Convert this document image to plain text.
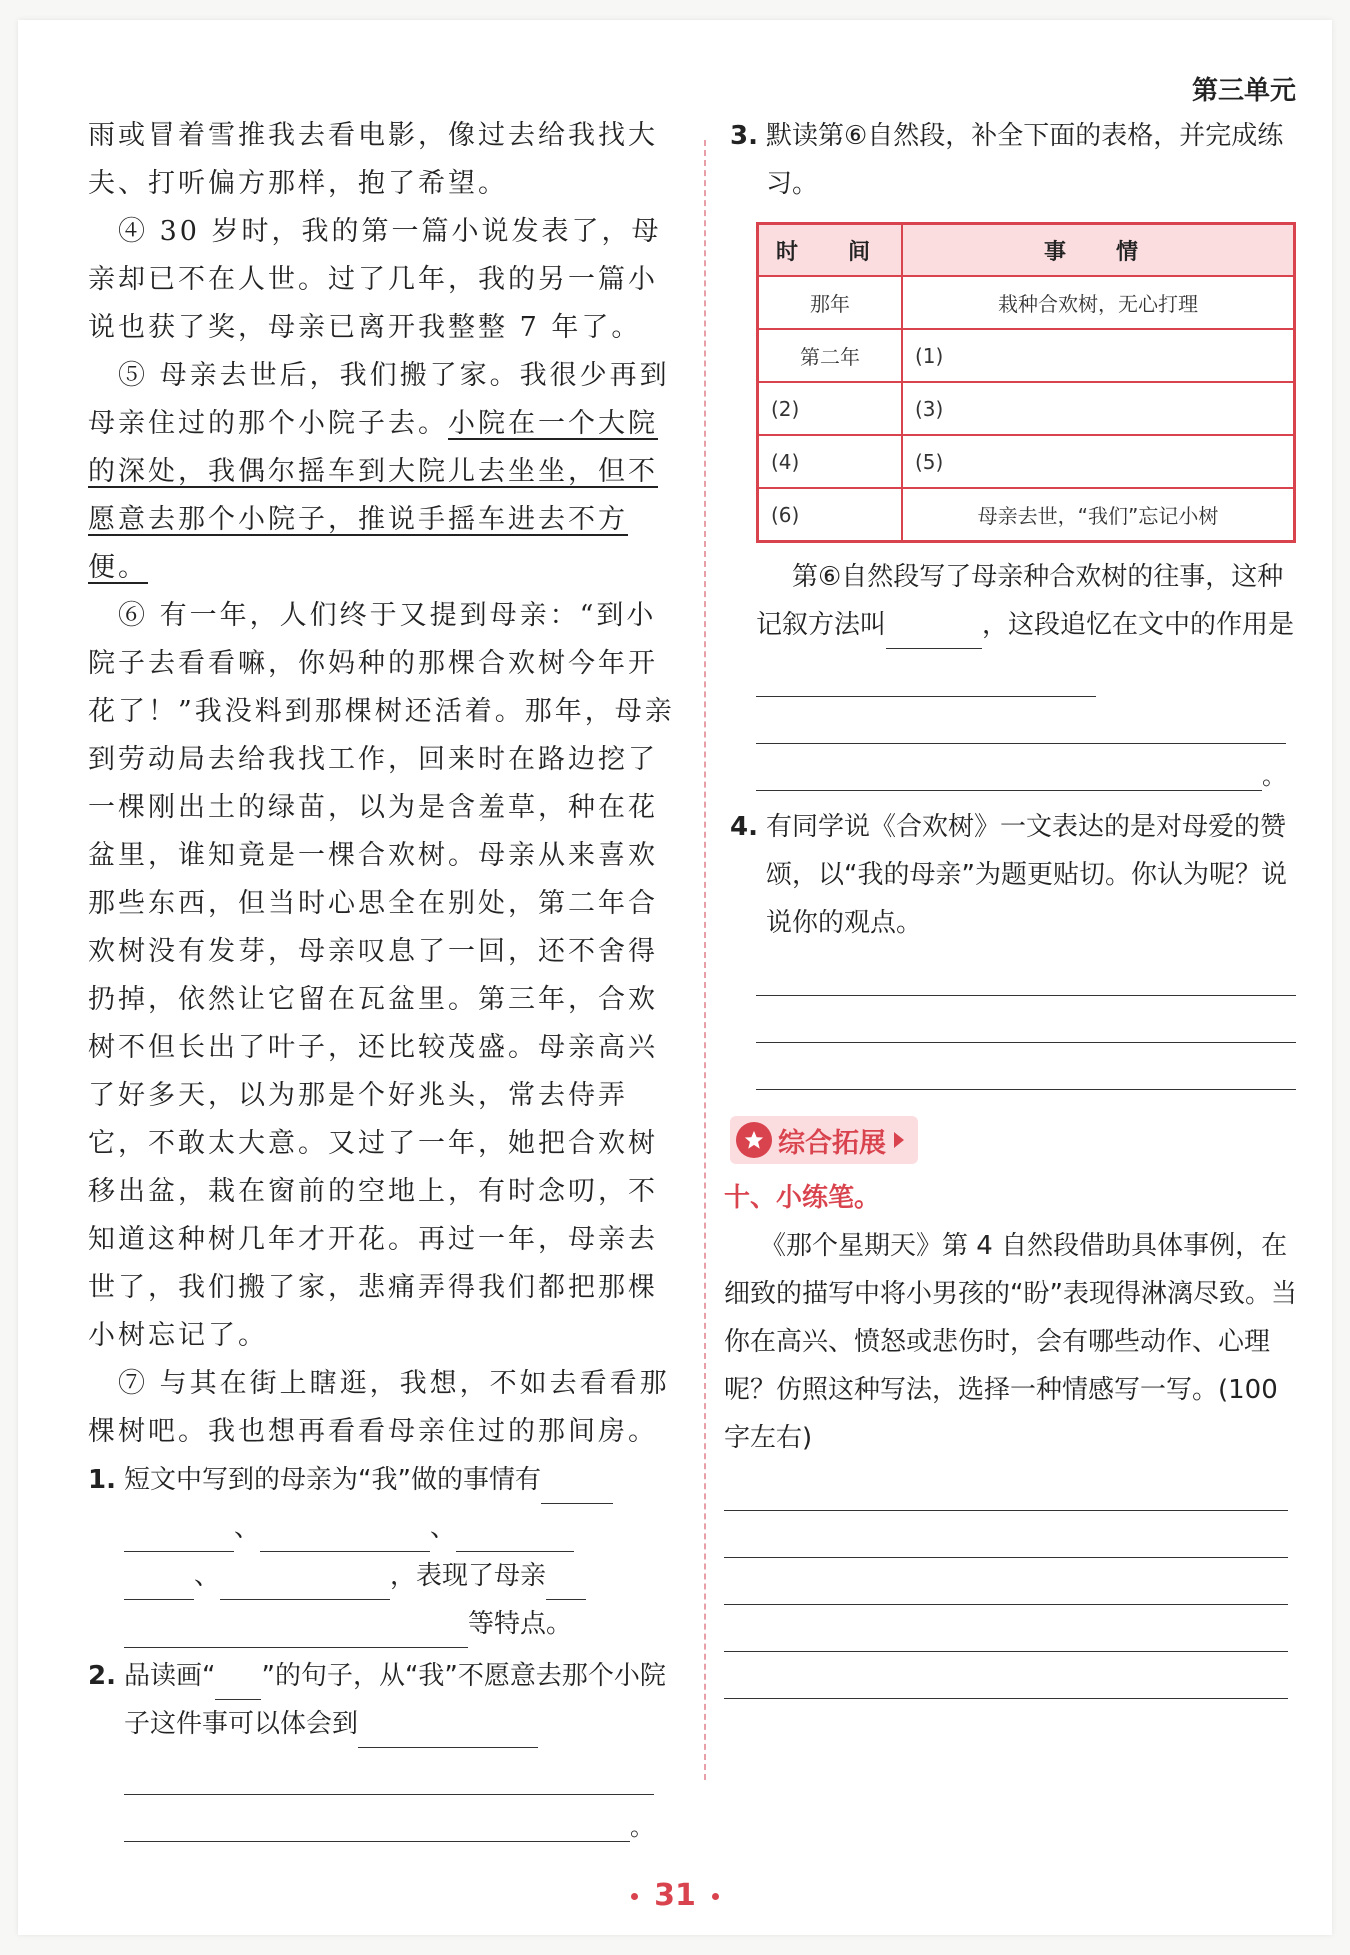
第三单元

雨或冒着雪推我去看电影，像过去给我找大夫、打听偏方那样，抱了希望。

④ 30 岁时，我的第一篇小说发表了，母亲却已不在人世。过了几年，我的另一篇小说也获了奖，母亲已离开我整整 7 年了。

⑤ 母亲去世后，我们搬了家。我很少再到母亲住过的那个小院子去。小院在一个大院的深处，我偶尔摇车到大院儿去坐坐，但不愿意去那个小院子，推说手摇车进去不方便。

⑥ 有一年，人们终于又提到母亲：“到小院子去看看嘛，你妈种的那棵合欢树今年开花了！”我没料到那棵树还活着。那年，母亲到劳动局去给我找工作，回来时在路边挖了一棵刚出土的绿苗，以为是含羞草，种在花盆里，谁知竟是一棵合欢树。母亲从来喜欢那些东西，但当时心思全在别处，第二年合欢树没有发芽，母亲叹息了一回，还不舍得扔掉，依然让它留在瓦盆里。第三年，合欢树不但长出了叶子，还比较茂盛。母亲高兴了好多天，以为那是个好兆头，常去侍弄它，不敢太大意。又过了一年，她把合欢树移出盆，栽在窗前的空地上，有时念叨，不知道这种树几年才开花。再过一年，母亲去世了，我们搬了家，悲痛弄得我们都把那棵小树忘记了。

⑦ 与其在街上瞎逛，我想，不如去看看那棵树吧。我也想再看看母亲住过的那间房。

1. 短文中写到的母亲为“我”做的事情有
、	、
、	，表现了母亲
等特点。

2. 品读画“ ”的句子，从“我”不愿意去那个小院子这件事可以体会到

。

3. 默读第⑥自然段，补全下面的表格，并完成练习。

时　间	事　情
那年	栽种合欢树，无心打理
第二年	(1)
(2)	(3)
(4)	(5)
(6)	母亲去世，“我们”忘记小树

第⑥自然段写了母亲种合欢树的往事，这种记叙方法叫	，这段追忆在文中的作用是

。

4. 有同学说《合欢树》一文表达的是对母爱的赞颂，以“我的母亲”为题更贴切。你认为呢？说说你的观点。

综合拓展
十、小练笔。

《那个星期天》第 4 自然段借助具体事例，在细致的描写中将小男孩的“盼”表现得淋漓尽致。当你在高兴、愤怒或悲伤时，会有哪些动作、心理呢？仿照这种写法，选择一种情感写一写。(100 字左右)

31
